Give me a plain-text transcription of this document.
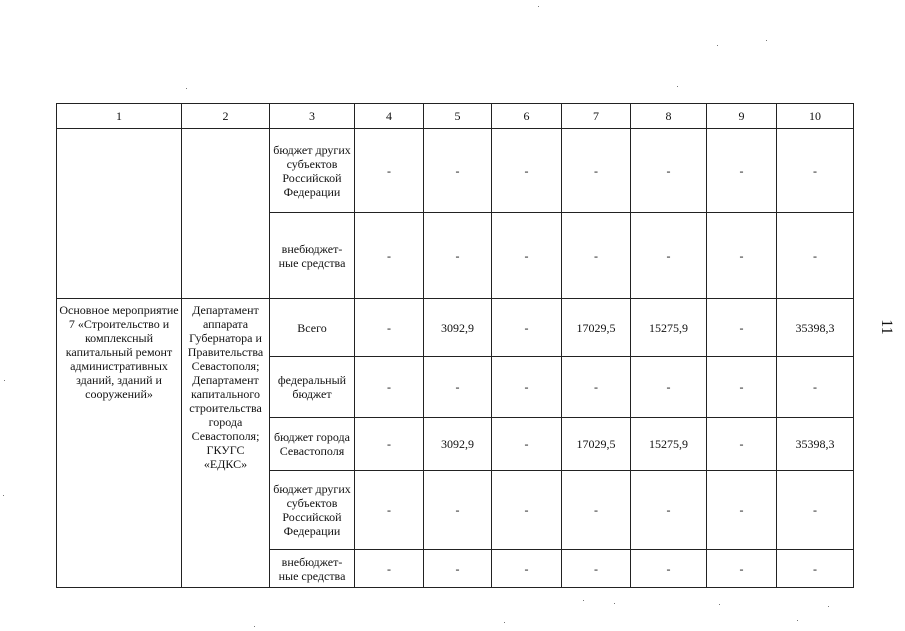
1	2	3	4	5	6	7	8	9	10
		бюджет других субъектов Российской Федерации	-	-	-	-	-	-	-
		внебюджет-ные средства	-	-	-	-	-	-	-
Основное мероприятие 7 «Строительство и комплексный капитальный ремонт административных зданий, зданий и сооружений»	Департамент аппарата Губернатора и Правительства Севастополя; Департамент капитального строительства города Севастополя; ГКУГС «ЕДКС»	Всего	-	3092,9	-	17029,5	15275,9	-	35398,3
		федеральный бюджет	-	-	-	-	-	-	-
		бюджет города Севастополя	-	3092,9	-	17029,5	15275,9	-	35398,3
		бюджет других субъектов Российской Федерации	-	-	-	-	-	-	-
		внебюджет-ные средства	-	-	-	-	-	-	-
11
